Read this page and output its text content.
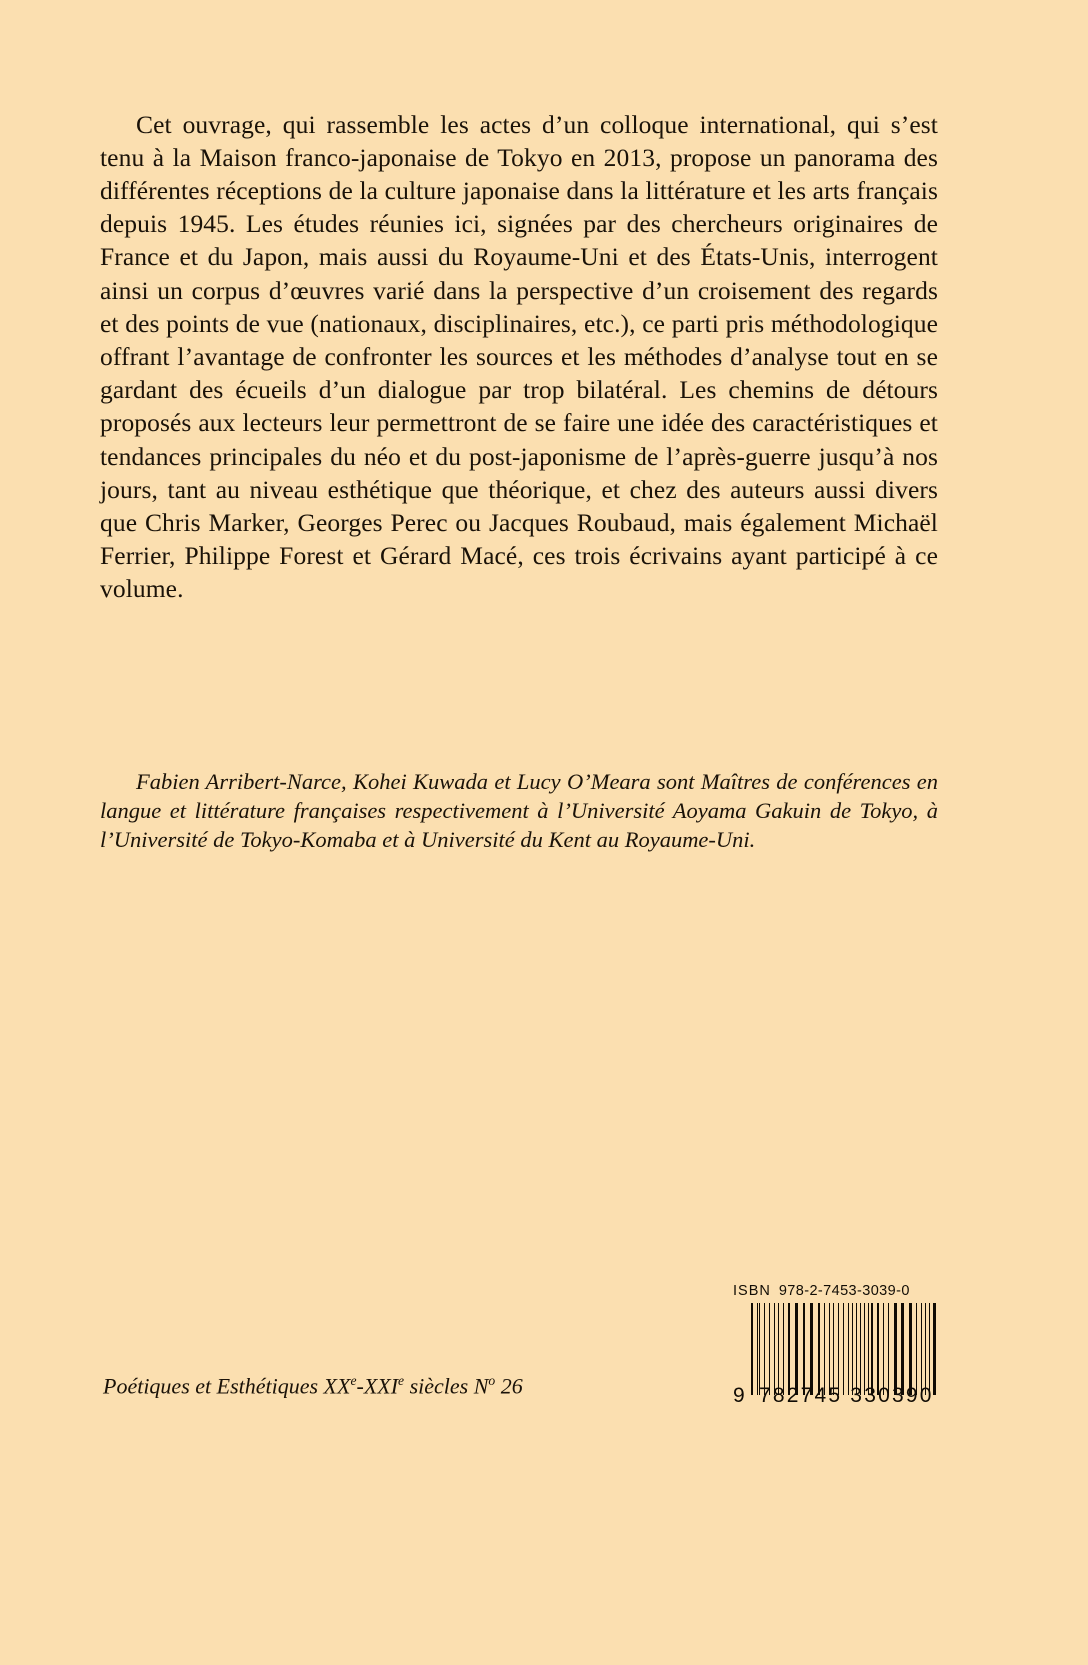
Cet ouvrage, qui rassemble les actes d’un colloque international, qui s’est tenu à la Maison franco-japonaise de Tokyo en 2013, propose un panorama des différentes réceptions de la culture japonaise dans la littérature et les arts français depuis 1945. Les études réunies ici, signées par des chercheurs originaires de France et du Japon, mais aussi du Royaume-Uni et des États-Unis, interrogent ainsi un corpus d’œuvres varié dans la perspective d’un croisement des regards et des points de vue (nationaux, disciplinaires, etc.), ce parti pris méthodologique offrant l’avantage de confronter les sources et les méthodes d’analyse tout en se gardant des écueils d’un dialogue par trop bilatéral. Les chemins de détours proposés aux lecteurs leur permettront de se faire une idée des caractéristiques et tendances principales du néo et du post-japonisme de l’après-guerre jusqu’à nos jours, tant au niveau esthétique que théorique, et chez des auteurs aussi divers que Chris Marker, Georges Perec ou Jacques Roubaud, mais également Michaël Ferrier, Philippe Forest et Gérard Macé, ces trois écrivains ayant participé à ce volume.

Fabien Arribert-Narce, Kohei Kuwada et Lucy O’Meara sont Maîtres de conférences en langue et littérature françaises respectivement à l’Université Aoyama Gakuin de Tokyo, à l’Université de Tokyo-Komaba et à Université du Kent au Royaume-Uni.

Poétiques et Esthétiques XXe-XXIe siècles $N^o$ 26
ISBN 978-2-7453-3039-0
9 782745 330390
